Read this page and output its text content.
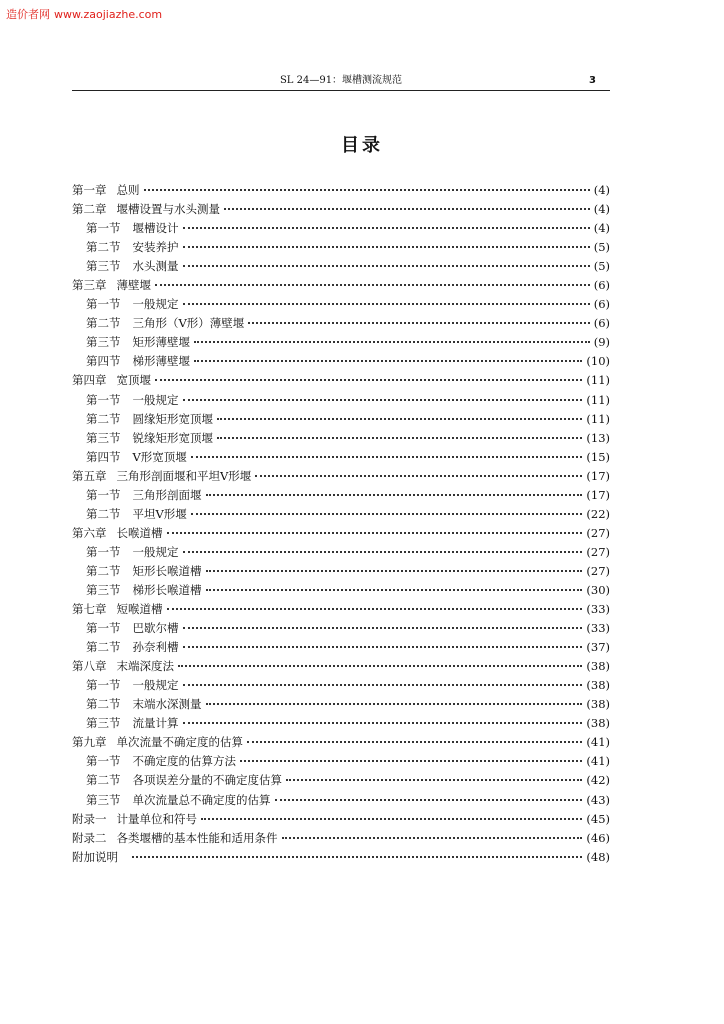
造价者网 www.zaojiazhe.com
SL 24—91：堰槽测流规范	3
目录
第一章 总则	(4)
第二章 堰槽设置与水头测量	(4)
第一节 堰槽设计	(4)
第二节 安装养护	(5)
第三节 水头测量	(5)
第三章 薄壁堰	(6)
第一节 一般规定	(6)
第二节 三角形（V形）薄壁堰	(6)
第三节 矩形薄壁堰	(9)
第四节 梯形薄壁堰	(10)
第四章 宽顶堰	(11)
第一节 一般规定	(11)
第二节 圆缘矩形宽顶堰	(11)
第三节 锐缘矩形宽顶堰	(13)
第四节 V形宽顶堰	(15)
第五章 三角形剖面堰和平坦V形堰	(17)
第一节 三角形剖面堰	(17)
第二节 平坦V形堰	(22)
第六章 长喉道槽	(27)
第一节 一般规定	(27)
第二节 矩形长喉道槽	(27)
第三节 梯形长喉道槽	(30)
第七章 短喉道槽	(33)
第一节 巴歇尔槽	(33)
第二节 孙奈利槽	(37)
第八章 末端深度法	(38)
第一节 一般规定	(38)
第二节 末端水深测量	(38)
第三节 流量计算	(38)
第九章 单次流量不确定度的估算	(41)
第一节 不确定度的估算方法	(41)
第二节 各项误差分量的不确定度估算	(42)
第三节 单次流量总不确定度的估算	(43)
附录一 计量单位和符号	(45)
附录二 各类堰槽的基本性能和适用条件	(46)
附加说明	(48)
